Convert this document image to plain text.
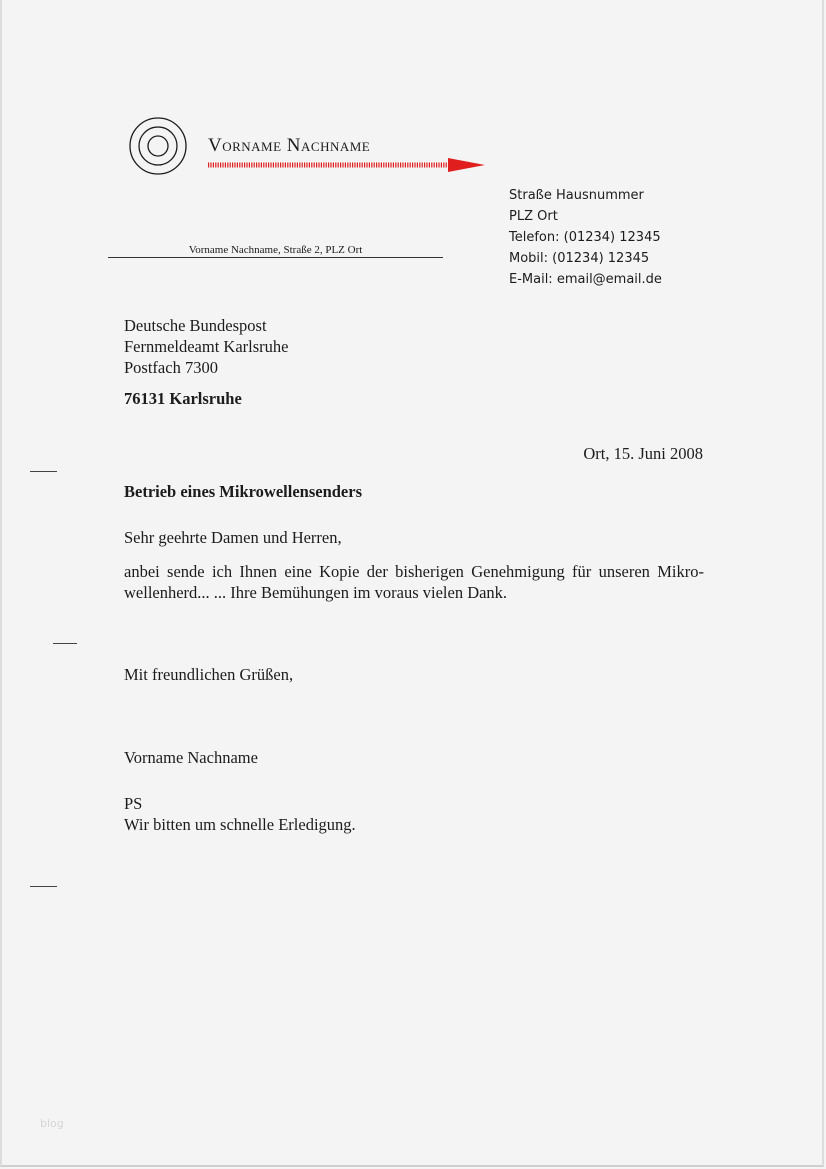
Vorname Nachname
Straße Hausnummer
PLZ Ort
Telefon: (01234) 12345
Mobil: (01234) 12345
E-Mail: email@email.de
Vorname Nachname, Straße 2, PLZ Ort
Deutsche Bundespost
Fernmeldeamt Karlsruhe
Postfach 7300
76131 Karlsruhe
Ort, 15. Juni 2008
Betrieb eines Mikrowellensenders
Sehr geehrte Damen und Herren,
anbei sende ich Ihnen eine Kopie der bisherigen Genehmigung für unseren Mikrowellenherd... ... Ihre Bemühungen im voraus vielen Dank.
Mit freundlichen Grüßen,
Vorname Nachname
PS
Wir bitten um schnelle Erledigung.
blog
